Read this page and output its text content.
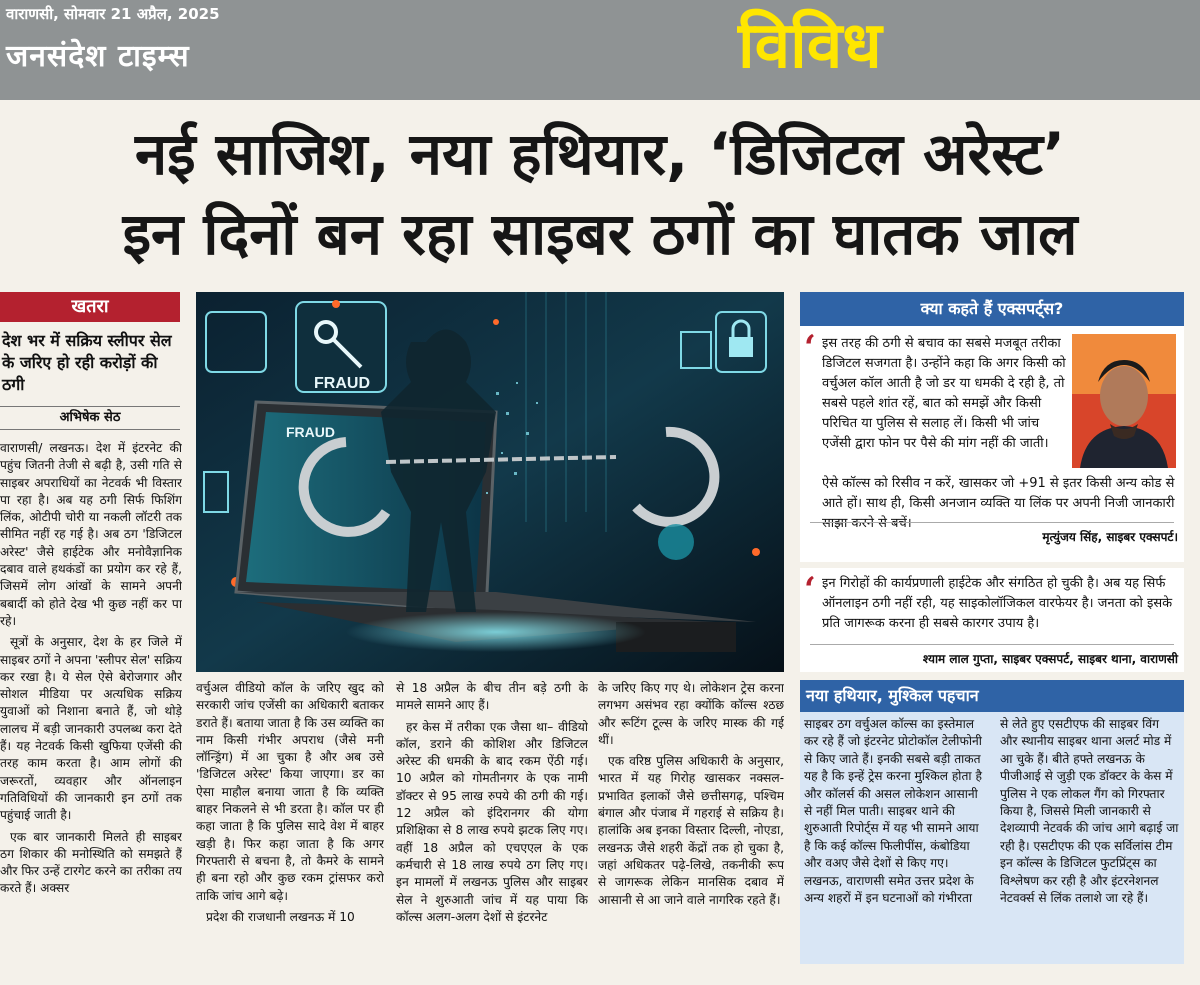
वाराणसी, सोमवार 21 अप्रैल, 2025
जनसंदेश टाइम्स	विविध
नई साजिश, नया हथियार, ‘डिजिटल अरेस्ट’
इन दिनों बन रहा साइबर ठगों का घातक जाल
खतरा
देश भर में सक्रिय स्लीपर सेल के जरिए हो रही करोड़ों की ठगी
अभिषेक सेठ

वाराणसी/ लखनऊ। देश में इंटरनेट की पहुंच जितनी तेजी से बढ़ी है, उसी गति से साइबर अपराधियों का नेटवर्क भी विस्तार पा रहा है। अब यह ठगी सिर्फ फिशिंग लिंक, ओटीपी चोरी या नकली लॉटरी तक सीमित नहीं रह गई है। अब ठग 'डिजिटल अरेस्ट' जैसे हाईटेक और मनोवैज्ञानिक दबाव वाले हथकंडों का प्रयोग कर रहे हैं, जिसमें लोग आंखों के सामने अपनी बबार्दी को होते देख भी कुछ नहीं कर पा रहे।

सूत्रों के अनुसार, देश के हर जिले में साइबर ठगों ने अपना 'स्लीपर सेल' सक्रिय कर रखा है। ये सेल ऐसे बेरोजगार और सोशल मीडिया पर अत्यधिक सक्रिय युवाओं को निशाना बनाते हैं, जो थोड़े लालच में बड़ी जानकारी उपलब्ध करा देते हैं। यह नेटवर्क किसी खुफिया एजेंसी की तरह काम करता है। आम लोगों की जरूरतों, व्यवहार और ऑनलाइन गतिविधियों की जानकारी इन ठगों तक पहुंचाई जाती है।

एक बार जानकारी मिलते ही साइबर ठग शिकार की मनोस्थिति को समझते हैं और फिर उन्हें टारगेट करने का तरीका तय करते हैं। अक्सर

FRAUD
FRAUD

वर्चुअल वीडियो कॉल के जरिए खुद को सरकारी जांच एजेंसी का अधिकारी बताकर डराते हैं। बताया जाता है कि उस व्यक्ति का नाम किसी गंभीर अपराध (जैसे मनी लॉन्ड्रिंग) में आ चुका है और अब उसे 'डिजिटल अरेस्ट' किया जाएगा। डर का ऐसा माहौल बनाया जाता है कि व्यक्ति बाहर निकलने से भी डरता है। कॉल पर ही कहा जाता है कि पुलिस सादे वेश में बाहर खड़ी है। फिर कहा जाता है कि अगर गिरफ्तारी से बचना है, तो कैमरे के सामने ही बना रहो और कुछ रकम ट्रांसफर करो ताकि जांच आगे बढ़े।

प्रदेश की राजधानी लखनऊ में 10

से 18 अप्रैल के बीच तीन बड़े ठगी के मामले सामने आए हैं।

हर केस में तरीका एक जैसा था– वीडियो कॉल, डराने की कोशिश और डिजिटल अरेस्ट की धमकी के बाद रकम ऐंठी गई। 10 अप्रैल को गोमतीनगर के एक नामी डॉक्टर से 95 लाख रुपये की ठगी की गई। 12 अप्रैल को इंदिरानगर की योगा प्रशिक्षिका से 8 लाख रुपये झटक लिए गए। वहीं 18 अप्रैल को एचएएल के एक कर्मचारी से 18 लाख रुपये ठग लिए गए। इन मामलों में लखनऊ पुलिस और साइबर सेल ने शुरुआती जांच में यह पाया कि कॉल्स अलग-अलग देशों से इंटरनेट

के जरिए किए गए थे। लोकेशन ट्रेस करना लगभग असंभव रहा क्योंकि कॉल्स श्ठछ और रूटिंग टूल्स के जरिए मास्क की गई थीं।

एक वरिष्ठ पुलिस अधिकारी के अनुसार, भारत में यह गिरोह खासकर नक्सल-प्रभावित इलाकों जैसे छत्तीसगढ़, पश्चिम बंगाल और पंजाब में गहराई से सक्रिय है। हालांकि अब इनका विस्तार दिल्ली, नोएडा, लखनऊ जैसे शहरी केंद्रों तक हो चुका है, जहां अधिकतर पढ़े-लिखे, तकनीकी रूप से जागरूक लेकिन मानसिक दबाव में आसानी से आ जाने वाले नागरिक रहते हैं।

क्या कहते हैं एक्सपर्ट्स?
‘ इस तरह की ठगी से बचाव का सबसे मजबूत तरीका डिजिटल सजगता है। उन्होंने कहा कि अगर किसी को वर्चुअल कॉल आती है जो डर या धमकी दे रही है, तो सबसे पहले शांत रहें, बात को समझें और किसी परिचित या पुलिस से सलाह लें। किसी भी जांच एजेंसी द्वारा फोन पर पैसे की मांग नहीं की जाती।
ऐसे कॉल्स को रिसीव न करें, खासकर जो +91 से इतर किसी अन्य कोड से आते हों। साथ ही, किसी अनजान व्यक्ति या लिंक पर अपनी निजी जानकारी साझा करने से बचें।
मृत्युंजय सिंह, साइबर एक्सपर्ट।
‘ इन गिरोहों की कार्यप्रणाली हाईटेक और संगठित हो चुकी है। अब यह सिर्फ ऑनलाइन ठगी नहीं रही, यह साइकोलॉजिकल वारफेयर है। जनता को इसके प्रति जागरूक करना ही सबसे कारगर उपाय है।
श्याम लाल गुप्ता, साइबर एक्सपर्ट, साइबर थाना, वाराणसी
नया हथियार, मुश्किल पहचान
साइबर ठग वर्चुअल कॉल्स का इस्तेमाल कर रहे हैं जो इंटरनेट प्रोटोकॉल टेलीफोनी से किए जाते हैं। इनकी सबसे बड़ी ताकत यह है कि इन्हें ट्रेस करना मुश्किल होता है और कॉलर्स की असल लोकेशन आसानी से नहीं मिल पाती। साइबर थाने की शुरुआती रिपोर्ट्स में यह भी सामने आया है कि कई कॉल्स फिलीपींस, कंबोडिया और वअए जैसे देशों से किए गए। लखनऊ, वाराणसी समेत उत्तर प्रदेश के अन्य शहरों में इन घटनाओं को गंभीरता
से लेते हुए एसटीएफ की साइबर विंग और स्थानीय साइबर थाना अलर्ट मोड में आ चुके हैं। बीते हफ्ते लखनऊ के पीजीआई से जुड़ी एक डॉक्टर के केस में पुलिस ने एक लोकल गैंग को गिरफ्तार किया है, जिससे मिली जानकारी से देशव्यापी नेटवर्क की जांच आगे बढ़ाई जा रही है। एसटीएफ की एक सर्विलांस टीम इन कॉल्स के डिजिटल फुटप्रिंट्स का विश्लेषण कर रही है और इंटरनेशनल नेटवर्क्स से लिंक तलाशे जा रहे हैं।
